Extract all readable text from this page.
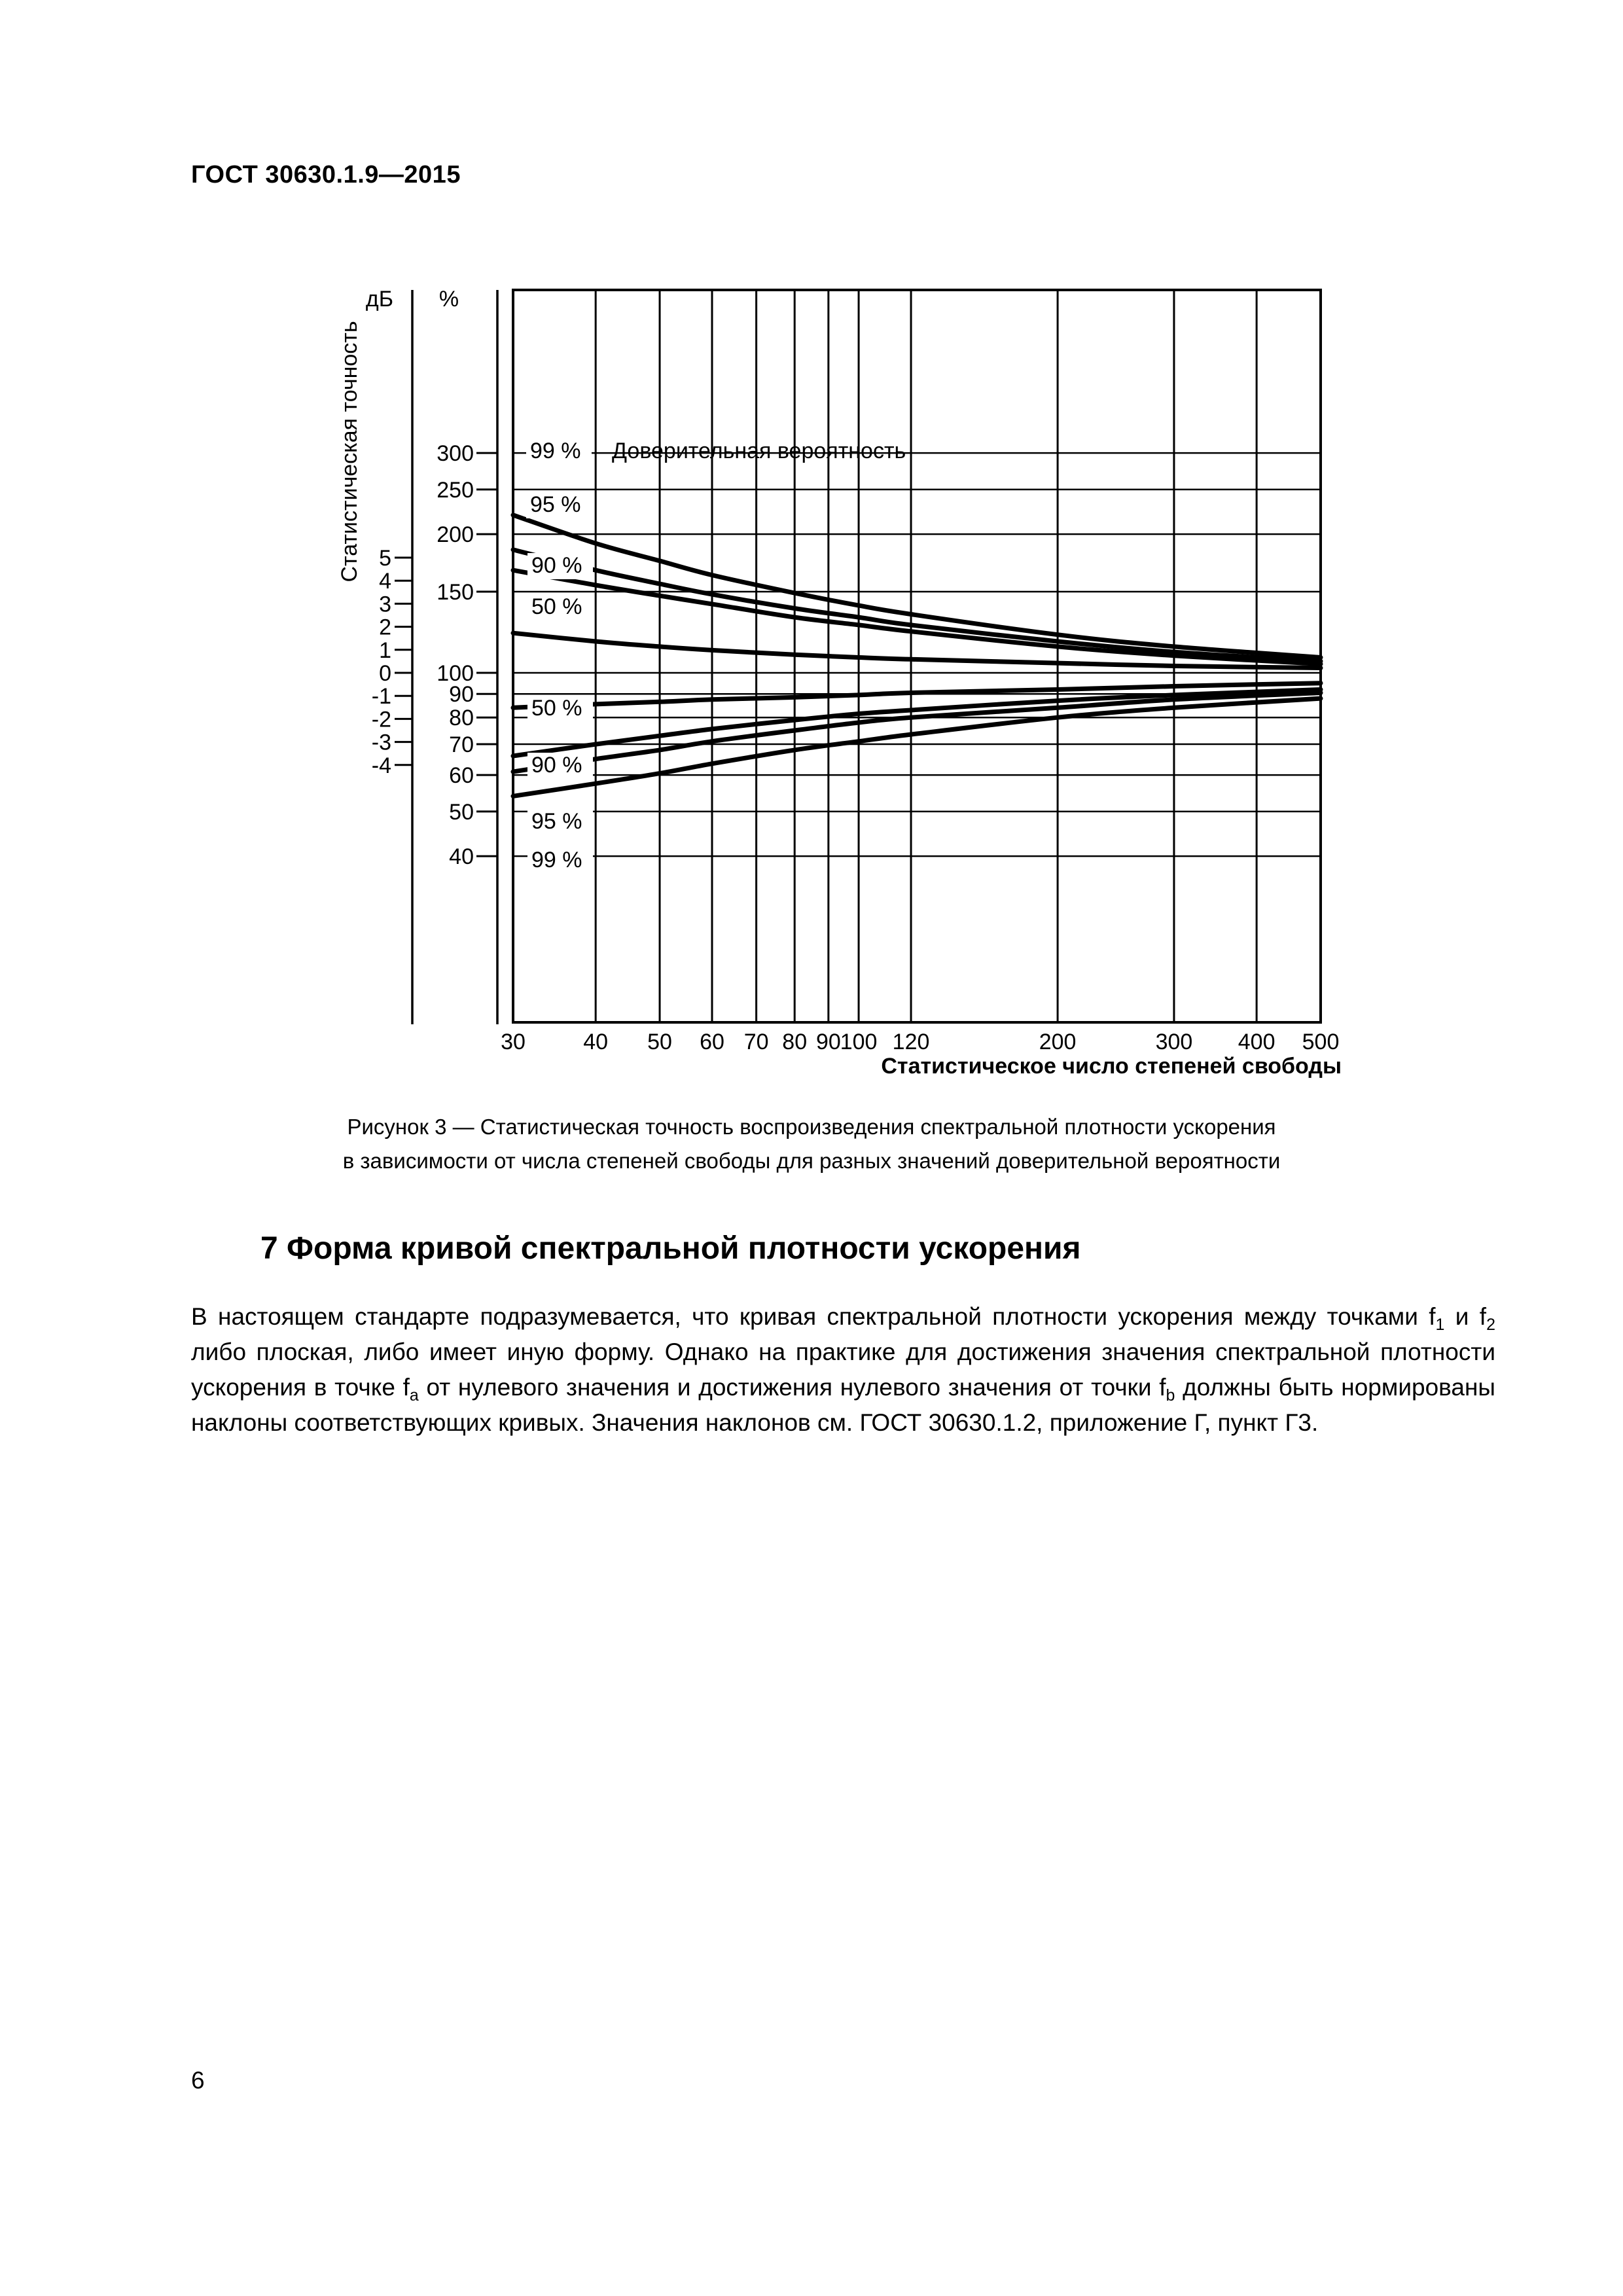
ГОСТ 30630.1.9—2015
30	40 50 60 70 80 90
100 120	200	300 400 500
40
50
60
70
80
90
100
150
200
250
300
%
-4
-3
-2
-1
0
1
2
3
4
5
дБ
Статистическая точность
Статистическое число степеней свободы
Доверительная вероятность
99 %
95 %
90 %
50 %
50 %
90 %
95 %
99 %
Рисунок 3 — Статистическая точность воспроизведения спектральной плотности ускорения
в зависимости от числа степеней свободы для разных значений доверительной вероятности
7 Форма кривой спектральной плотности ускорения
В настоящем стандарте подразумевается, что кривая спектральной плотности ускорения между точками $f_1$ и $f_2$ либо плоская, либо имеет иную форму. Однако на практике для достижения значения спектральной плотности ускорения в точке $f_a$ от нулевого значения и достижения нулевого значения от точки $f_b$ должны быть нормированы наклоны соответствующих кривых. Значения наклонов см. ГОСТ 30630.1.2, приложение Г, пункт Г3.
6
